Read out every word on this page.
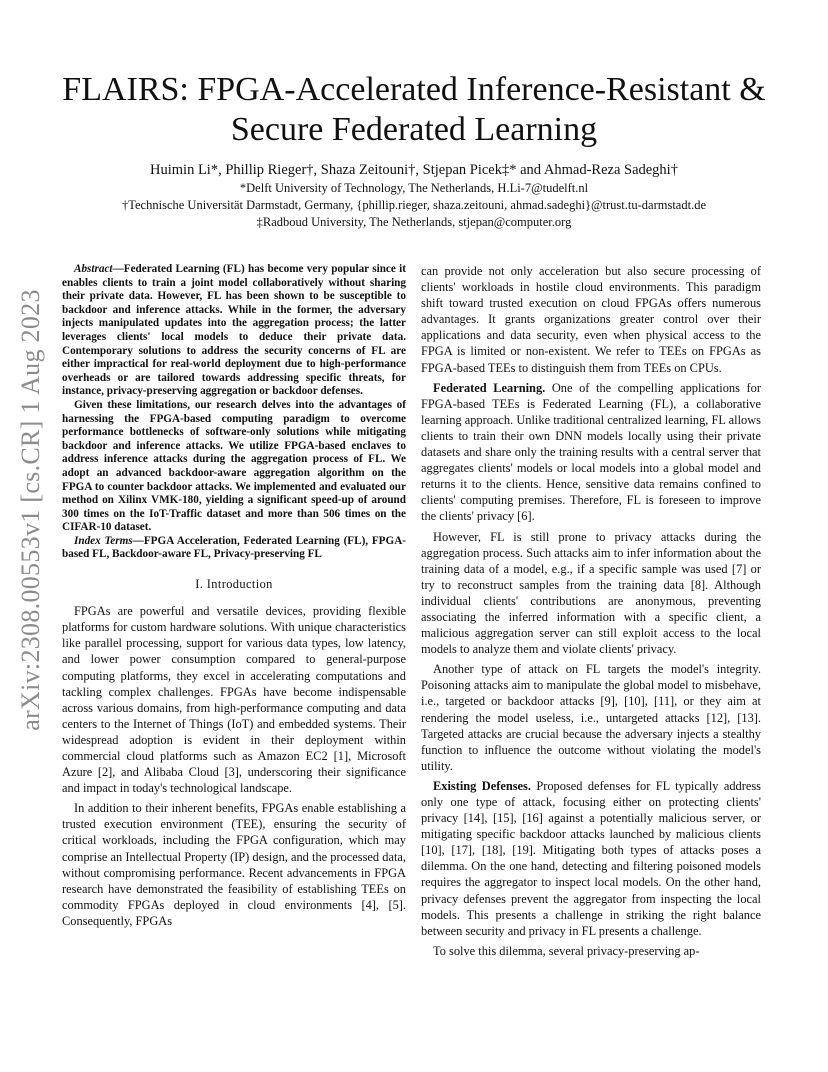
arXiv:2308.00553v1 [cs.CR] 1 Aug 2023
FLAIRS: FPGA-Accelerated Inference-Resistant &
Secure Federated Learning
Huimin Li*, Phillip Rieger†, Shaza Zeitouni†, Stjepan Picek‡* and Ahmad-Reza Sadeghi†
*Delft University of Technology, The Netherlands, H.Li-7@tudelft.nl
†Technische Universität Darmstadt, Germany, {phillip.rieger, shaza.zeitouni, ahmad.sadeghi}@trust.tu-darmstadt.de
‡Radboud University, The Netherlands, stjepan@computer.org

Abstract—Federated Learning (FL) has become very popular since it enables clients to train a joint model collaboratively without sharing their private data. However, FL has been shown to be susceptible to backdoor and inference attacks. While in the former, the adversary injects manipulated updates into the aggregation process; the latter leverages clients' local models to deduce their private data. Contemporary solutions to address the security concerns of FL are either impractical for real-world deployment due to high-performance overheads or are tailored towards addressing specific threats, for instance, privacy-preserving aggregation or backdoor defenses.

Given these limitations, our research delves into the advantages of harnessing the FPGA-based computing paradigm to overcome performance bottlenecks of software-only solutions while mitigating backdoor and inference attacks. We utilize FPGA-based enclaves to address inference attacks during the aggregation process of FL. We adopt an advanced backdoor-aware aggregation algorithm on the FPGA to counter backdoor attacks. We implemented and evaluated our method on Xilinx VMK-180, yielding a significant speed-up of around 300 times on the IoT-Traffic dataset and more than 506 times on the CIFAR-10 dataset.

Index Terms—FPGA Acceleration, Federated Learning (FL), FPGA-based FL, Backdoor-aware FL, Privacy-preserving FL

I. Introduction

FPGAs are powerful and versatile devices, providing flexible platforms for custom hardware solutions. With unique characteristics like parallel processing, support for various data types, low latency, and lower power consumption compared to general-purpose computing platforms, they excel in accelerating computations and tackling complex challenges. FPGAs have become indispensable across various domains, from high-performance computing and data centers to the Internet of Things (IoT) and embedded systems. Their widespread adoption is evident in their deployment within commercial cloud platforms such as Amazon EC2 [1], Microsoft Azure [2], and Alibaba Cloud [3], underscoring their significance and impact in today's technological landscape.

In addition to their inherent benefits, FPGAs enable establishing a trusted execution environment (TEE), ensuring the security of critical workloads, including the FPGA configuration, which may comprise an Intellectual Property (IP) design, and the processed data, without compromising performance. Recent advancements in FPGA research have demonstrated the feasibility of establishing TEEs on commodity FPGAs deployed in cloud environments [4], [5]. Consequently, FPGAs

can provide not only acceleration but also secure processing of clients' workloads in hostile cloud environments. This paradigm shift toward trusted execution on cloud FPGAs offers numerous advantages. It grants organizations greater control over their applications and data security, even when physical access to the FPGA is limited or non-existent. We refer to TEEs on FPGAs as FPGA-based TEEs to distinguish them from TEEs on CPUs.

Federated Learning. One of the compelling applications for FPGA-based TEEs is Federated Learning (FL), a collaborative learning approach. Unlike traditional centralized learning, FL allows clients to train their own DNN models locally using their private datasets and share only the training results with a central server that aggregates clients' models or local models into a global model and returns it to the clients. Hence, sensitive data remains confined to clients' computing premises. Therefore, FL is foreseen to improve the clients' privacy [6].

However, FL is still prone to privacy attacks during the aggregation process. Such attacks aim to infer information about the training data of a model, e.g., if a specific sample was used [7] or try to reconstruct samples from the training data [8]. Although individual clients' contributions are anonymous, preventing associating the inferred information with a specific client, a malicious aggregation server can still exploit access to the local models to analyze them and violate clients' privacy.

Another type of attack on FL targets the model's integrity. Poisoning attacks aim to manipulate the global model to misbehave, i.e., targeted or backdoor attacks [9], [10], [11], or they aim at rendering the model useless, i.e., untargeted attacks [12], [13]. Targeted attacks are crucial because the adversary injects a stealthy function to influence the outcome without violating the model's utility.

Existing Defenses. Proposed defenses for FL typically address only one type of attack, focusing either on protecting clients' privacy [14], [15], [16] against a potentially malicious server, or mitigating specific backdoor attacks launched by malicious clients [10], [17], [18], [19]. Mitigating both types of attacks poses a dilemma. On the one hand, detecting and filtering poisoned models requires the aggregator to inspect local models. On the other hand, privacy defenses prevent the aggregator from inspecting the local models. This presents a challenge in striking the right balance between security and privacy in FL presents a challenge.

To solve this dilemma, several privacy-preserving ap-
